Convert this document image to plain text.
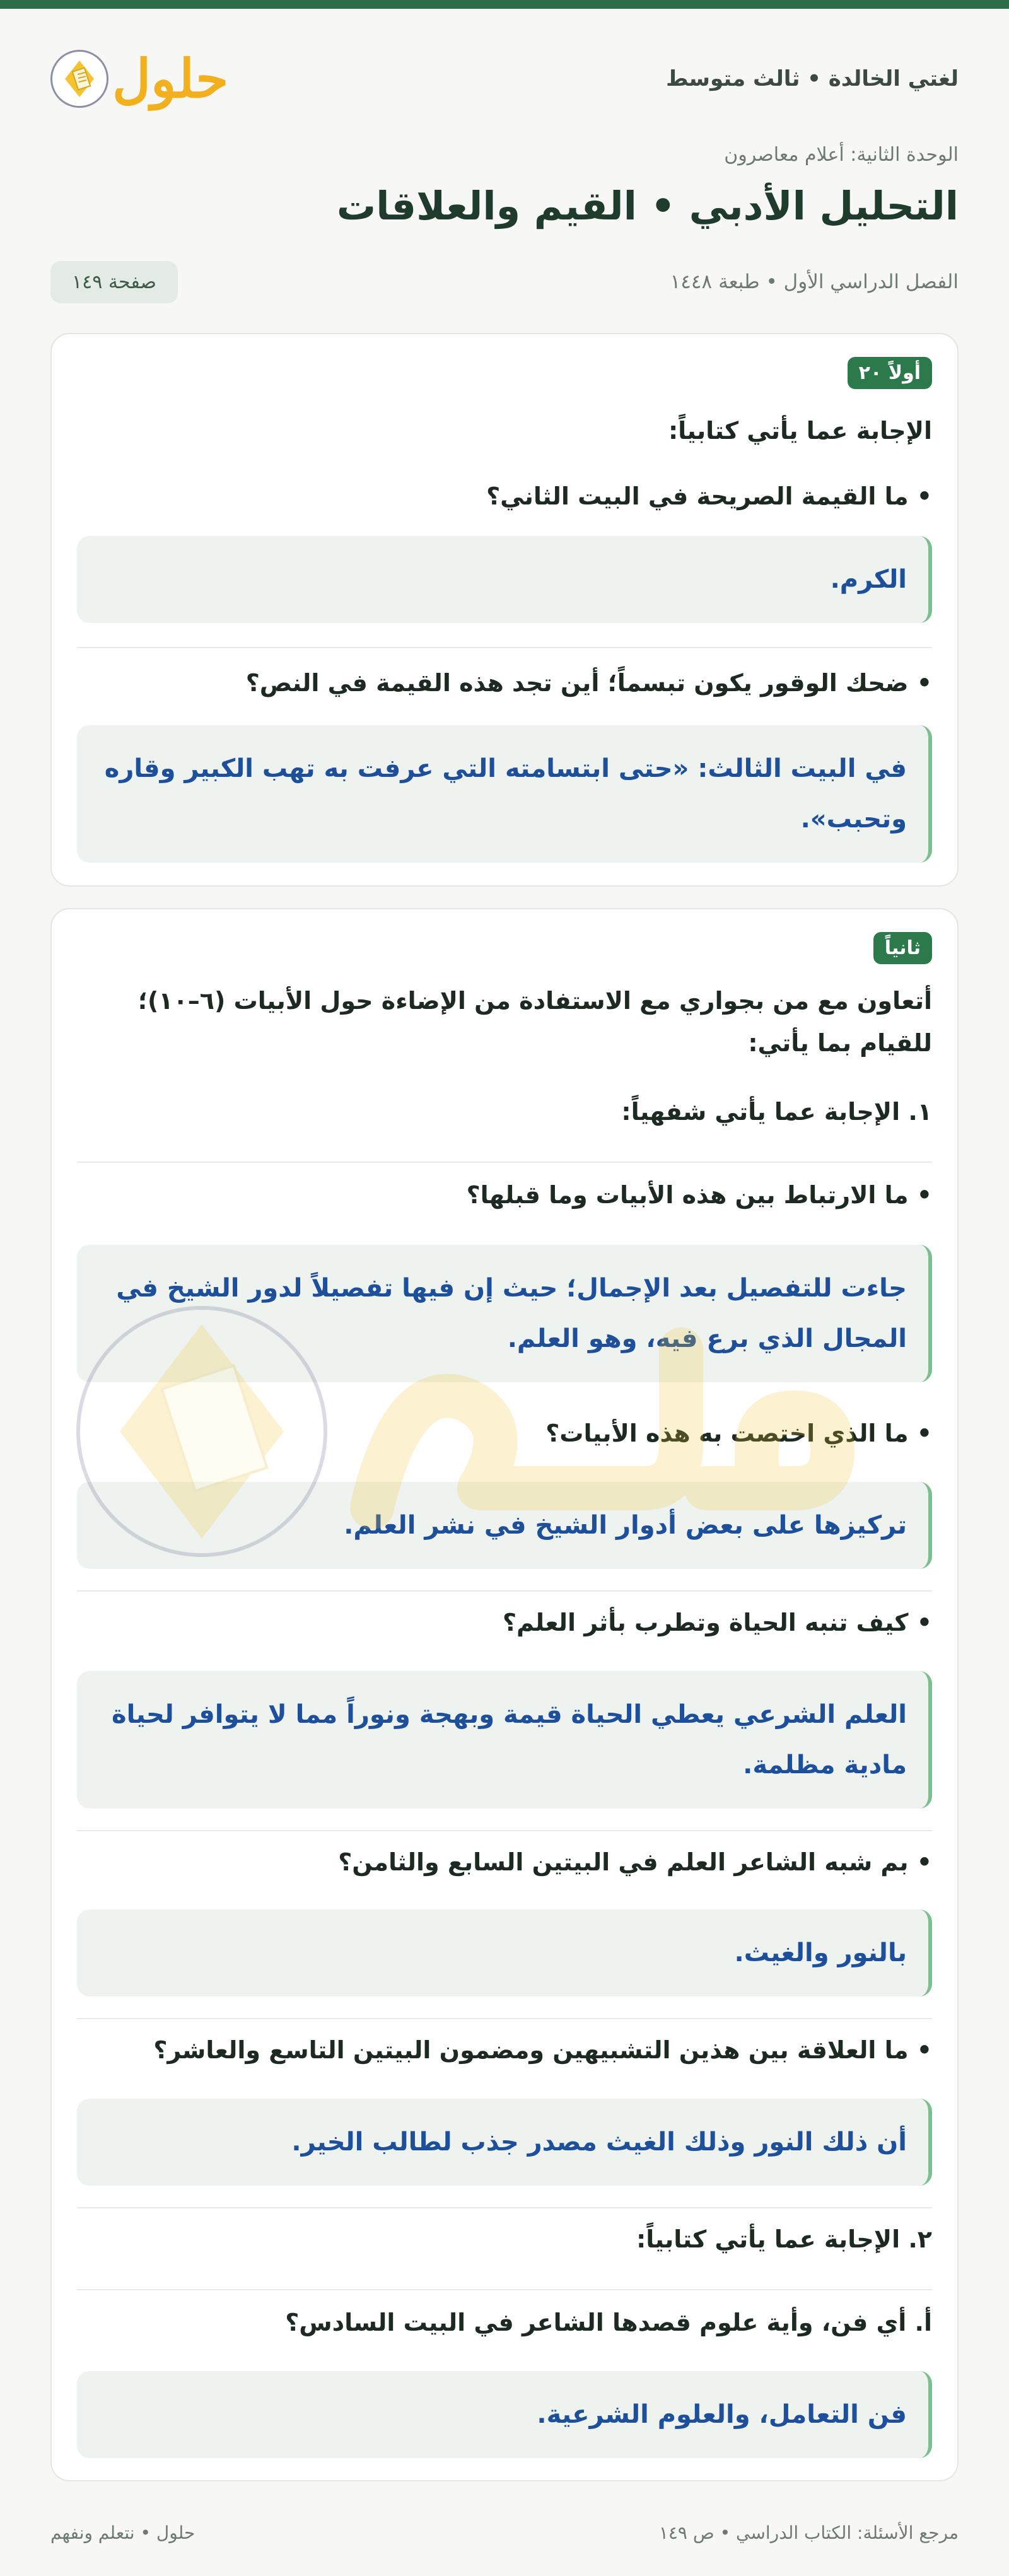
لغتي الخالدة • ثالث متوسط
حلول
الوحدة الثانية: أعلام معاصرون
التحليل الأدبي • القيم والعلاقات
الفصل الدراسي الأول • طبعة ١٤٤٨
صفحة ١٤٩
أولاً ٢٠
الإجابة عما يأتي كتابياً:
• ما القيمة الصريحة في البيت الثاني؟
الكرم.
• ضحك الوقور يكون تبسماً؛ أين تجد هذه القيمة في النص؟
في البيت الثالث: «حتى ابتسامته التي عرفت به تهب الكبير وقاره وتحبب».
ثانياً
أتعاون مع من بجواري مع الاستفادة من الإضاءة حول الأبيات (٦–١٠)؛ للقيام بما يأتي:
١. الإجابة عما يأتي شفهياً:
• ما الارتباط بين هذه الأبيات وما قبلها؟
جاءت للتفصيل بعد الإجمال؛ حيث إن فيها تفصيلاً لدور الشيخ في المجال الذي برع فيه، وهو العلم.
• ما الذي اختصت به هذه الأبيات؟
تركيزها على بعض أدوار الشيخ في نشر العلم.
• كيف تنبه الحياة وتطرب بأثر العلم؟
العلم الشرعي يعطي الحياة قيمة وبهجة ونوراً مما لا يتوافر لحياة مادية مظلمة.
• بم شبه الشاعر العلم في البيتين السابع والثامن؟
بالنور والغيث.
• ما العلاقة بين هذين التشبيهين ومضمون البيتين التاسع والعاشر؟
أن ذلك النور وذلك الغيث مصدر جذب لطالب الخير.
٢. الإجابة عما يأتي كتابياً:
أ. أي فن، وأية علوم قصدها الشاعر في البيت السادس؟
فن التعامل، والعلوم الشرعية.
مرجع الأسئلة: الكتاب الدراسي • ص ١٤٩
حلول • نتعلم ونفهم
